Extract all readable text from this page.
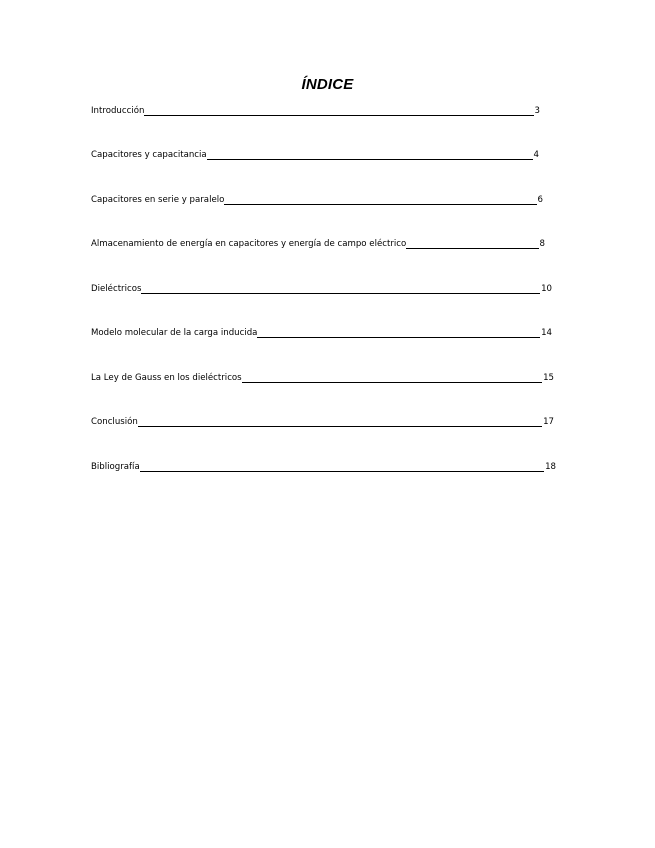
ÍNDICE
Introducción	3
Capacitores y capacitancia	4
Capacitores en serie y paralelo	6
Almacenamiento de energía en capacitores y energía de campo eléctrico	8
Dieléctricos	10
Modelo molecular de la carga inducida	14
La Ley de Gauss en los dieléctricos	15
Conclusión	17
Bibliografía	18
